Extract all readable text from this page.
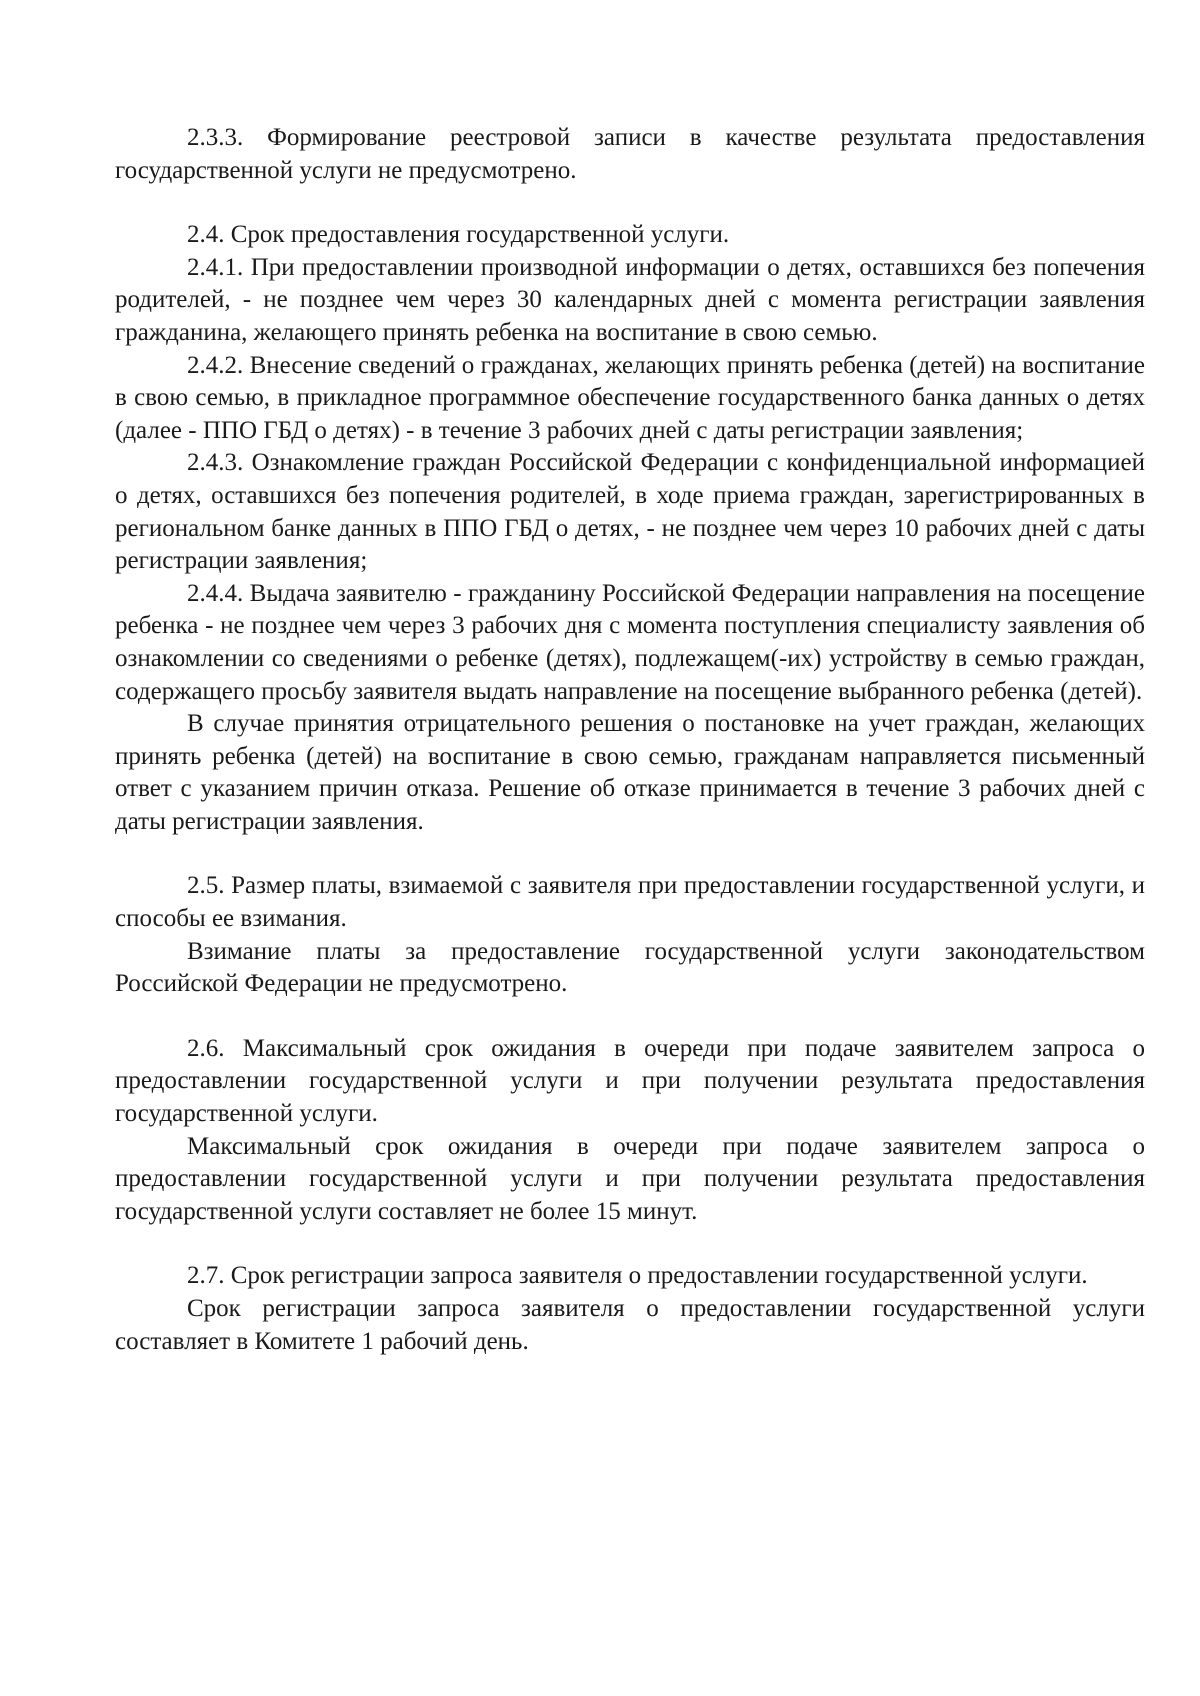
2.3.3. Формирование реестровой записи в качестве результата предоставления государственной услуги не предусмотрено.

2.4. Срок предоставления государственной услуги.

2.4.1. При предоставлении производной информации о детях, оставшихся без попечения родителей, - не позднее чем через 30 календарных дней с момента регистрации заявления гражданина, желающего принять ребенка на воспитание в свою семью.

2.4.2. Внесение сведений о гражданах, желающих принять ребенка (детей) на воспитание в свою семью, в прикладное программное обеспечение государственного банка данных о детях (далее - ППО ГБД о детях) - в течение 3 рабочих дней с даты регистрации заявления;

2.4.3. Ознакомление граждан Российской Федерации с конфиденциальной информацией о детях, оставшихся без попечения родителей, в ходе приема граждан, зарегистрированных в региональном банке данных в ППО ГБД о детях, - не позднее чем через 10 рабочих дней с даты регистрации заявления;

2.4.4. Выдача заявителю - гражданину Российской Федерации направления на посещение ребенка - не позднее чем через 3 рабочих дня с момента поступления специалисту заявления об ознакомлении со сведениями о ребенке (детях), подлежащем(-их) устройству в семью граждан, содержащего просьбу заявителя выдать направление на посещение выбранного ребенка (детей).

В случае принятия отрицательного решения о постановке на учет граждан, желающих принять ребенка (детей) на воспитание в свою семью, гражданам направляется письменный ответ с указанием причин отказа. Решение об отказе принимается в течение 3 рабочих дней с даты регистрации заявления.

2.5. Размер платы, взимаемой с заявителя при предоставлении государственной услуги, и способы ее взимания.

Взимание платы за предоставление государственной услуги законодательством Российской Федерации не предусмотрено.

2.6. Максимальный срок ожидания в очереди при подаче заявителем запроса о предоставлении государственной услуги и при получении результата предоставления государственной услуги.

Максимальный срок ожидания в очереди при подаче заявителем запроса о предоставлении государственной услуги и при получении результата предоставления государственной услуги составляет не более 15 минут.

2.7. Срок регистрации запроса заявителя о предоставлении государственной услуги.

Срок регистрации запроса заявителя о предоставлении государственной услуги составляет в Комитете 1 рабочий день.
